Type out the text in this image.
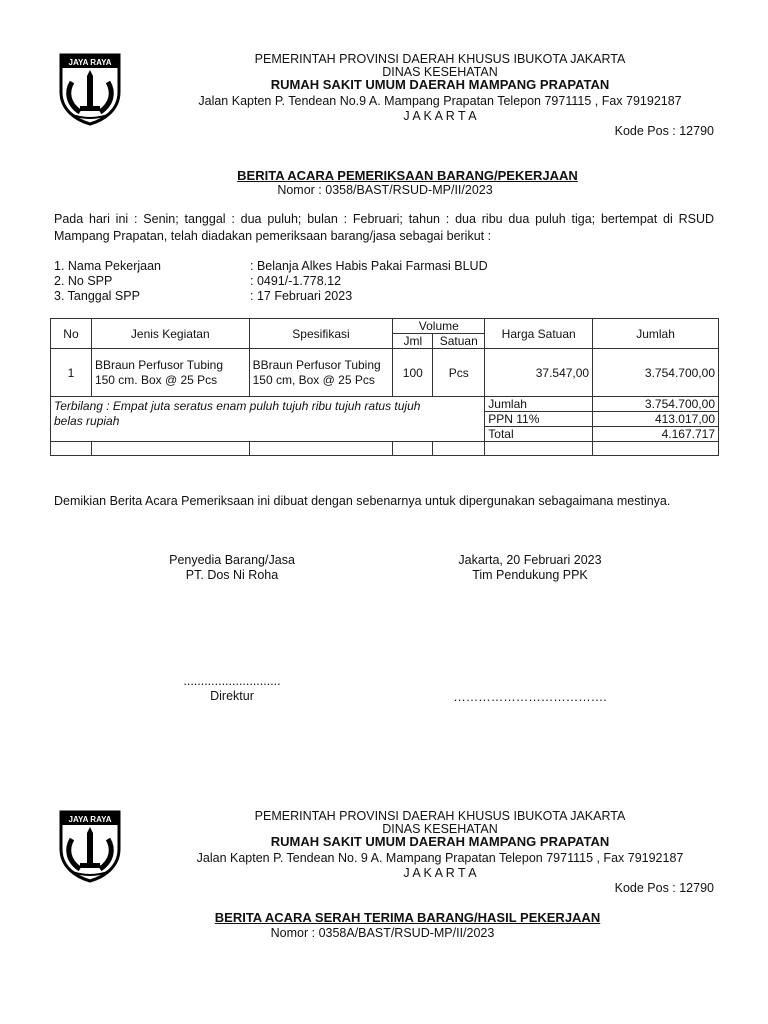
JAYA RAYA	PEMERINTAH PROVINSI DAERAH KHUSUS IBUKOTA JAKARTA
DINAS KESEHATAN
RUMAH SAKIT UMUM DAERAH MAMPANG PRAPATAN
Jalan Kapten P. Tendean No.9 A. Mampang Prapatan Telepon 7971115 , Fax 79192187
J A K A R T A
Kode Pos : 12790
BERITA ACARA PEMERIKSAAN BARANG/PEKERJAAN
Nomor : 0358/BAST/RSUD-MP/II/2023
Pada hari ini : Senin; tanggal : dua puluh; bulan : Februari; tahun : dua ribu dua puluh tiga; bertempat di RSUD Mampang Prapatan, telah diadakan pemeriksaan barang/jasa sebagai berikut :
1. Nama Pekerjaan	: Belanja Alkes Habis Pakai Farmasi BLUD
2. No SPP	: 0491/-1.778.12
3. Tanggal SPP	: 17 Februari 2023
No	Jenis Kegiatan	Spesifikasi	Volume		Harga Satuan	Jumlah
			Jml	Satuan		
1	BBraun Perfusor Tubing 150 cm. Box @ 25 Pcs	BBraun Perfusor Tubing 150 cm, Box @ 25 Pcs	100	Pcs	37.547,00	3.754.700,00
Terbilang : Empat juta seratus enam puluh tujuh ribu tujuh ratus tujuh belas rupiah					Jumlah	3.754.700,00
					PPN 11%	413.017,00
					Total	4.167.717

Demikian Berita Acara Pemeriksaan ini dibuat dengan sebenarnya untuk dipergunakan sebagaimana mestinya.
Penyedia Barang/Jasa
PT. Dos Ni Roha
............................
Direktur
Jakarta, 20 Februari 2023
Tim Pendukung PPK
……………………………….
JAYA RAYA	PEMERINTAH PROVINSI DAERAH KHUSUS IBUKOTA JAKARTA
DINAS KESEHATAN
RUMAH SAKIT UMUM DAERAH MAMPANG PRAPATAN
Jalan Kapten P. Tendean No. 9 A. Mampang Prapatan Telepon 7971115 , Fax 79192187
J A K A R T A
Kode Pos : 12790
BERITA ACARA SERAH TERIMA BARANG/HASIL PEKERJAAN
Nomor : 0358A/BAST/RSUD-MP/II/2023
